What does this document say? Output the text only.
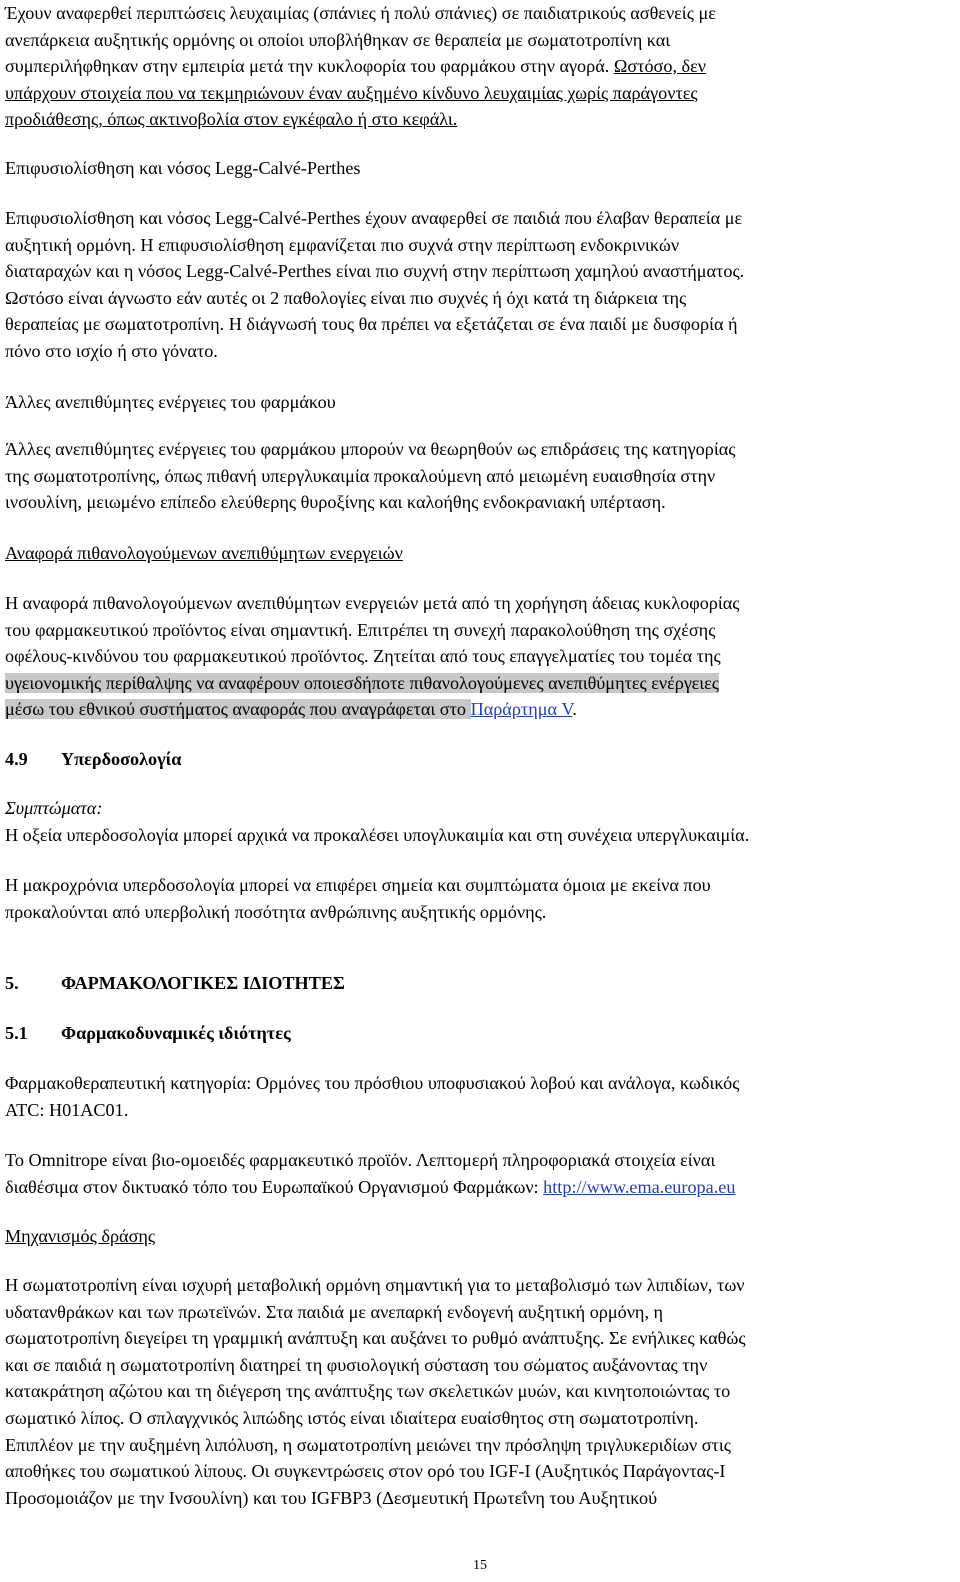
Έχουν αναφερθεί περιπτώσεις λευχαιμίας (σπάνιες ή πολύ σπάνιες) σε παιδιατρικούς ασθενείς με
ανεπάρκεια αυξητικής ορμόνης οι οποίοι υποβλήθηκαν σε θεραπεία με σωματοτροπίνη και
συμπεριλήφθηκαν στην εμπειρία μετά την κυκλοφορία του φαρμάκου στην αγορά. Ωστόσο, δεν
υπάρχουν στοιχεία που να τεκμηριώνουν έναν αυξημένο κίνδυνο λευχαιμίας χωρίς παράγοντες
προδιάθεσης, όπως ακτινοβολία στον εγκέφαλο ή στο κεφάλι.
Επιφυσιολίσθηση και νόσος Legg-Calvé-Perthes
Επιφυσιολίσθηση και νόσος Legg-Calvé-Perthes έχουν αναφερθεί σε παιδιά που έλαβαν θεραπεία με
αυξητική ορμόνη. Η επιφυσιολίσθηση εμφανίζεται πιο συχνά στην περίπτωση ενδοκρινικών
διαταραχών και η νόσος Legg-Calvé-Perthes είναι πιο συχνή στην περίπτωση χαμηλού αναστήματος.
Ωστόσο είναι άγνωστο εάν αυτές οι 2 παθολογίες είναι πιο συχνές ή όχι κατά τη διάρκεια της
θεραπείας με σωματοτροπίνη. Η διάγνωσή τους θα πρέπει να εξετάζεται σε ένα παιδί με δυσφορία ή
πόνο στο ισχίο ή στο γόνατο.
Άλλες ανεπιθύμητες ενέργειες του φαρμάκου
Άλλες ανεπιθύμητες ενέργειες του φαρμάκου μπορούν να θεωρηθούν ως επιδράσεις της κατηγορίας
της σωματοτροπίνης, όπως πιθανή υπεργλυκαιμία προκαλούμενη από μειωμένη ευαισθησία στην
ινσουλίνη, μειωμένο επίπεδο ελεύθερης θυροξίνης και καλοήθης ενδοκρανιακή υπέρταση.
Αναφορά πιθανολογούμενων ανεπιθύμητων ενεργειών
Η αναφορά πιθανολογούμενων ανεπιθύμητων ενεργειών μετά από τη χορήγηση άδειας κυκλοφορίας
του φαρμακευτικού προϊόντος είναι σημαντική. Επιτρέπει τη συνεχή παρακολούθηση της σχέσης
οφέλους-κινδύνου του φαρμακευτικού προϊόντος. Ζητείται από τους επαγγελματίες του τομέα της
υγειονομικής περίθαλψης να αναφέρουν οποιεσδήποτε πιθανολογούμενες ανεπιθύμητες ενέργειες
μέσω του εθνικού συστήματος αναφοράς που αναγράφεται στο Παράρτημα V.
4.9 Υπερδοσολογία
Συμπτώματα:
Η οξεία υπερδοσολογία μπορεί αρχικά να προκαλέσει υπογλυκαιμία και στη συνέχεια υπεργλυκαιμία.
Η μακροχρόνια υπερδοσολογία μπορεί να επιφέρει σημεία και συμπτώματα όμοια με εκείνα που
προκαλούνται από υπερβολική ποσότητα ανθρώπινης αυξητικής ορμόνης.
5. ΦΑΡΜΑΚΟΛΟΓΙΚΕΣ ΙΔΙΟΤΗΤΕΣ
5.1 Φαρμακοδυναμικές ιδιότητες
Φαρμακοθεραπευτική κατηγορία: Ορμόνες του πρόσθιου υποφυσιακού λοβού και ανάλογα, κωδικός
ATC: H01AC01.
Το Omnitrope είναι βιο-ομοειδές φαρμακευτικό προϊόν. Λεπτομερή πληροφοριακά στοιχεία είναι
διαθέσιμα στον δικτυακό τόπο του Ευρωπαϊκού Οργανισμού Φαρμάκων: http://www.ema.europa.eu
Μηχανισμός δράσης
Η σωματοτροπίνη είναι ισχυρή μεταβολική ορμόνη σημαντική για το μεταβολισμό των λιπιδίων, των
υδατανθράκων και των πρωτεϊνών. Στα παιδιά με ανεπαρκή ενδογενή αυξητική ορμόνη, η
σωματοτροπίνη διεγείρει τη γραμμική ανάπτυξη και αυξάνει το ρυθμό ανάπτυξης. Σε ενήλικες καθώς
και σε παιδιά η σωματοτροπίνη διατηρεί τη φυσιολογική σύσταση του σώματος αυξάνοντας την
κατακράτηση αζώτου και τη διέγερση της ανάπτυξης των σκελετικών μυών, και κινητοποιώντας το
σωματικό λίπος. Ο σπλαγχνικός λιπώδης ιστός είναι ιδιαίτερα ευαίσθητος στη σωματοτροπίνη.
Επιπλέον με την αυξημένη λιπόλυση, η σωματοτροπίνη μειώνει την πρόσληψη τριγλυκεριδίων στις
αποθήκες του σωματικού λίπους. Οι συγκεντρώσεις στον ορό του IGF-I (Αυξητικός Παράγοντας-Ι
Προσομοιάζον με την Ινσουλίνη) και του IGFBP3 (Δεσμευτική Πρωτεΐνη του Αυξητικού
15
